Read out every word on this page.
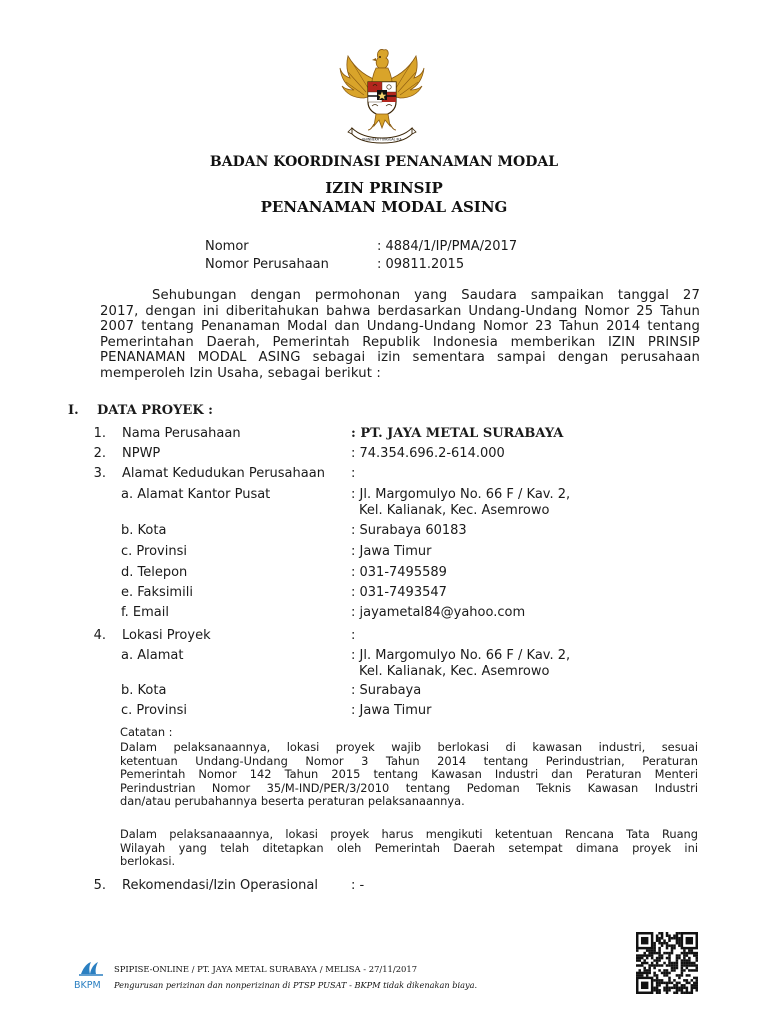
BHINNEKA TUNGGAL IKA
BADAN KOORDINASI PENANAMAN MODAL
IZIN PRINSIP
PENANAMAN MODAL ASING
Nomor	: 4884/1/IP/PMA/2017
Nomor Perusahaan	: 09811.2015
Sehubungan dengan permohonan yang Saudara sampaikan tanggal 27
2017, dengan ini diberitahukan bahwa berdasarkan Undang-Undang Nomor 25 Tahun
2007 tentang Penanaman Modal dan Undang-Undang Nomor 23 Tahun 2014 tentang
Pemerintahan Daerah, Pemerintah Republik Indonesia memberikan IZIN PRINSIP
PENANAMAN MODAL ASING sebagai izin sementara sampai dengan perusahaan
memperoleh Izin Usaha, sebagai berikut :
I. DATA PROYEK :
1. Nama Perusahaan	: PT. JAYA METAL SURABAYA
2. NPWP	: 74.354.696.2-614.000
3. Alamat Kedudukan Perusahaan :
a. Alamat Kantor Pusat	: Jl. Margomulyo No. 66 F / Kav. 2,
Kel. Kalianak, Kec. Asemrowo
b. Kota	: Surabaya 60183
c. Provinsi	: Jawa Timur
d. Telepon	: 031-7495589
e. Faksimili	: 031-7493547
f. Email	: jayametal84@yahoo.com
4. Lokasi Proyek	:
a. Alamat	: Jl. Margomulyo No. 66 F / Kav. 2,
Kel. Kalianak, Kec. Asemrowo
b. Kota	: Surabaya
c. Provinsi	: Jawa Timur
Catatan :
Dalam pelaksanaannya, lokasi proyek wajib berlokasi di kawasan industri, sesuai
ketentuan Undang-Undang Nomor 3 Tahun 2014 tentang Perindustrian, Peraturan
Pemerintah Nomor 142 Tahun 2015 tentang Kawasan Industri dan Peraturan Menteri
Perindustrian Nomor 35/M-IND/PER/3/2010 tentang Pedoman Teknis Kawasan Industri
dan/atau perubahannya beserta peraturan pelaksanaannya.
Dalam pelaksanaaannya, lokasi proyek harus mengikuti ketentuan Rencana Tata Ruang
Wilayah yang telah ditetapkan oleh Pemerintah Daerah setempat dimana proyek ini
berlokasi.
5. Rekomendasi/Izin Operasional	: -
BKPM
SPIPISE-ONLINE / PT. JAYA METAL SURABAYA / MELISA - 27/11/2017
Pengurusan perizinan dan nonperizinan di PTSP PUSAT - BKPM tidak dikenakan biaya.
